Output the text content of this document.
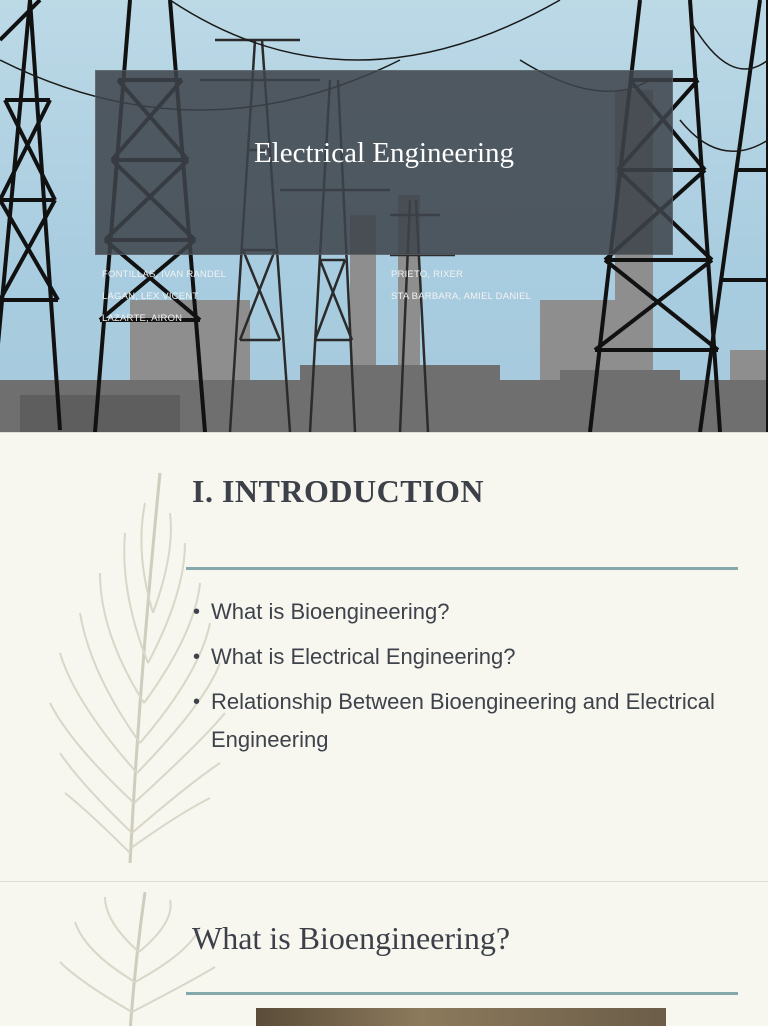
Electrical Engineering
FONTILLAS, IVAN RANDEL
LAGAN, LEX VICENT
LAZARTE, AIRON
PRIETO, RIXER
STA BARBARA, AMIEL DANIEL
I. INTRODUCTION
• What is Bioengineering?
• What is Electrical Engineering?
• Relationship Between Bioengineering and Electrical Engineering
What is Bioengineering?
